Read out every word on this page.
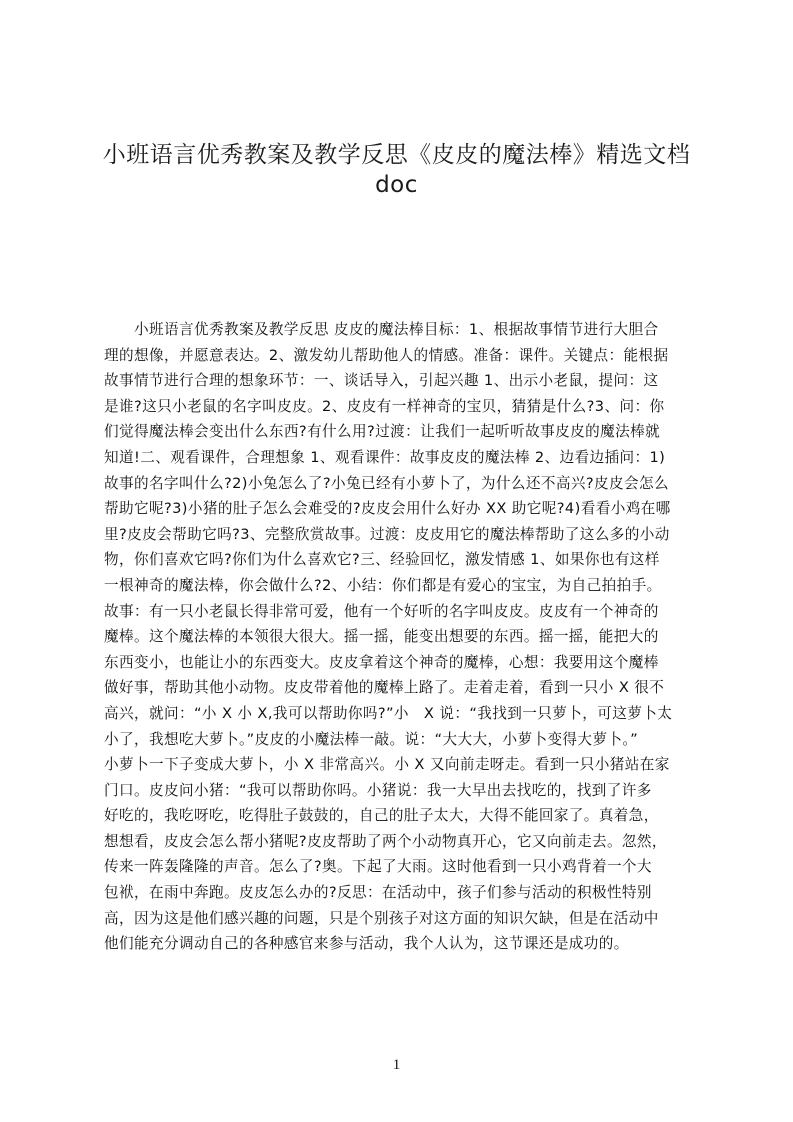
小班语言优秀教案及教学反思《皮皮的魔法棒》精选文档
doc
　　小班语言优秀教案及教学反思 皮皮的魔法棒目标：1、根据故事情节进行大胆合
理的想像，并愿意表达。2、激发幼儿帮助他人的情感。准备：课件。关键点：能根据
故事情节进行合理的想象环节：一、谈话导入，引起兴趣 1、出示小老鼠，提问：这
是谁?这只小老鼠的名字叫皮皮。2、皮皮有一样神奇的宝贝，猜猜是什么?3、问：你
们觉得魔法棒会变出什么东西?有什么用?过渡：让我们一起听听故事皮皮的魔法棒就
知道!二、观看课件，合理想象 1、观看课件：故事皮皮的魔法棒 2、边看边插问：1)
故事的名字叫什么?2)小兔怎么了?小兔已经有小萝卜了，为什么还不高兴?皮皮会怎么
帮助它呢?3)小猪的肚子怎么会难受的?皮皮会用什么好办 XX 助它呢?4)看看小鸡在哪
里?皮皮会帮助它吗?3、完整欣赏故事。过渡：皮皮用它的魔法棒帮助了这么多的小动
物，你们喜欢它吗?你们为什么喜欢它?三、经验回忆，激发情感 1、如果你也有这样
一根神奇的魔法棒，你会做什么?2、小结：你们都是有爱心的宝宝，为自己拍拍手。
故事：有一只小老鼠长得非常可爱，他有一个好听的名字叫皮皮。皮皮有一个神奇的
魔棒。这个魔法棒的本领很大很大。摇一摇，能变出想要的东西。摇一摇，能把大的
东西变小，也能让小的东西变大。皮皮拿着这个神奇的魔棒，心想：我要用这个魔棒
做好事，帮助其他小动物。皮皮带着他的魔棒上路了。走着走着，看到一只小 X 很不
高兴，就问：“小 X 小 X,我可以帮助你吗?”小　X 说：“我找到一只萝卜，可这萝卜太
小了，我想吃大萝卜。”皮皮的小魔法棒一敲。说：“大大大，小萝卜变得大萝卜。”
小萝卜一下子变成大萝卜，小 X 非常高兴。小 X 又向前走呀走。看到一只小猪站在家
门口。皮皮问小猪：“我可以帮助你吗。小猪说：我一大早出去找吃的，找到了许多
好吃的，我吃呀吃，吃得肚子鼓鼓的，自己的肚子太大，大得不能回家了。真着急，
想想看，皮皮会怎么帮小猪呢?皮皮帮助了两个小动物真开心，它又向前走去。忽然，
传来一阵轰隆隆的声音。怎么了?奥。下起了大雨。这时他看到一只小鸡背着一个大
包袱，在雨中奔跑。皮皮怎么办的?反思：在活动中，孩子们参与活动的积极性特别
高，因为这是他们感兴趣的问题，只是个别孩子对这方面的知识欠缺，但是在活动中
他们能充分调动自己的各种感官来参与活动，我个人认为，这节课还是成功的。
1
